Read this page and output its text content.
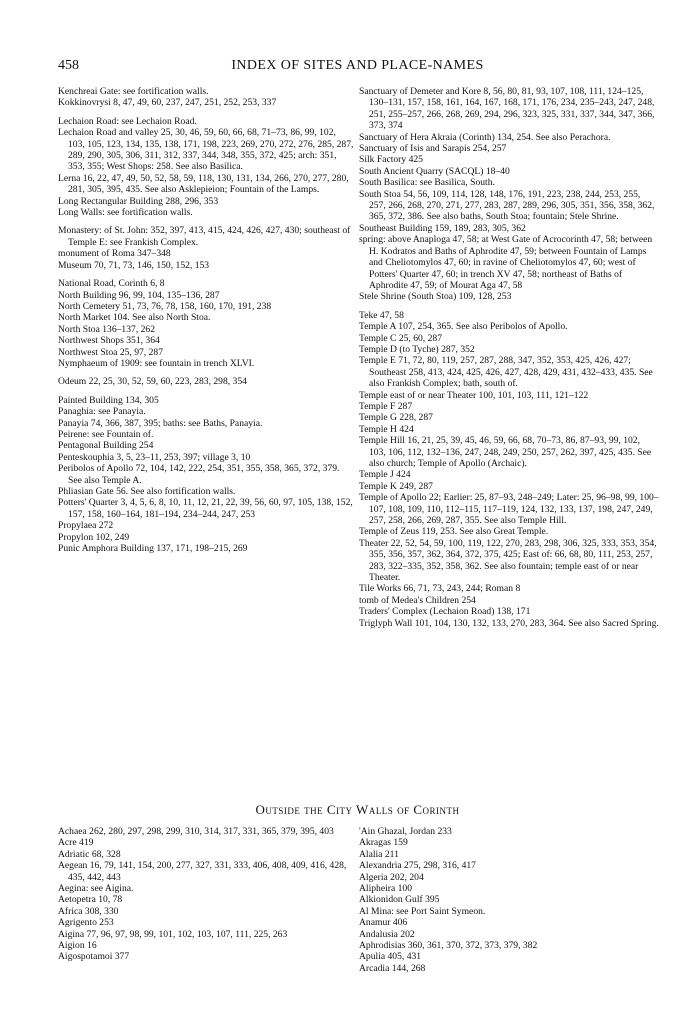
458	INDEX OF SITES AND PLACE-NAMES

Kenchreai Gate: see fortification walls.

Kokkinovrysi 8, 47, 49, 60, 237, 247, 251, 252, 253, 337

Lechaion Road: see Lechaion Road.

Lechaion Road and valley 25, 30, 46, 59, 60, 66, 68, 71–73, 86, 99, 102, 103, 105, 123, 134, 135, 138, 171, 198, 223, 269, 270, 272, 276, 285, 287, 289, 290, 305, 306, 311, 312, 337, 344, 348, 355, 372, 425; arch: 351, 353, 355; West Shops: 258. See also Basilica.

Lerna 16, 22, 47, 49, 50, 52, 58, 59, 118, 130, 131, 134, 266, 270, 277, 280, 281, 305, 395, 435. See also Asklepieion; Fountain of the Lamps.

Long Rectangular Building 288, 296, 353

Long Walls: see fortification walls.

Monastery: of St. John: 352, 397, 413, 415, 424, 426, 427, 430; southeast of Temple E: see Frankish Complex.

monument of Roma 347–348

Museum 70, 71, 73, 146, 150, 152, 153

National Road, Corinth 6, 8

North Building 96, 99, 104, 135–136, 287

North Cemetery 51, 73, 76, 78, 158, 160, 170, 191, 238

North Market 104. See also North Stoa.

North Stoa 136–137, 262

Northwest Shops 351, 364

Northwest Stoa 25, 97, 287

Nymphaeum of 1909: see fountain in trench XLVI.

Odeum 22, 25, 30, 52, 59, 60, 223, 283, 298, 354

Painted Building 134, 305

Panaghia: see Panayia.

Panayia 74, 366, 387, 395; baths: see Baths, Panayia.

Peirene: see Fountain of.

Pentagonal Building 254

Penteskouphia 3, 5, 23–11, 253, 397; village 3, 10

Peribolos of Apollo 72, 104, 142, 222, 254, 351, 355, 358, 365, 372, 379. See also Temple A.

Phliasian Gate 56. See also fortification walls.

Potters' Quarter 3, 4, 5, 6, 8, 10, 11, 12, 21, 22, 39, 56, 60, 97, 105, 138, 152, 157, 158, 160–164, 181–194, 234–244, 247, 253

Propylaea 272

Propylon 102, 249

Punic Amphora Building 137, 171, 198–215, 269

Sanctuary of Demeter and Kore 8, 56, 80, 81, 93, 107, 108, 111, 124–125, 130–131, 157, 158, 161, 164, 167, 168, 171, 176, 234, 235–243, 247, 248, 251, 255–257, 266, 268, 269, 294, 296, 323, 325, 331, 337, 344, 347, 366, 373, 374

Sanctuary of Hera Akraia (Corinth) 134, 254. See also Perachora.

Sanctuary of Isis and Sarapis 254, 257

Silk Factory 425

South Ancient Quarry (SACQL) 18–40

South Basilica: see Basilica, South.

South Stoa 54, 56, 109, 114, 128, 148, 176, 191, 223, 238, 244, 253, 255, 257, 266, 268, 270, 271, 277, 283, 287, 289, 296, 305, 351, 356, 358, 362, 365, 372, 386. See also baths, South Stoa; fountain; Stele Shrine.

Southeast Building 159, 189, 283, 305, 362

spring: above Anaploga 47, 58; at West Gate of Acrocorinth 47, 58; between H. Kodratos and Baths of Aphrodite 47, 59; between Fountain of Lamps and Cheliotomylos 47, 60; in ravine of Cheliotomylos 47, 60; west of Potters' Quarter 47, 60; in trench XV 47, 58; northeast of Baths of Aphrodite 47, 59; of Mourat Aga 47, 58

Stele Shrine (South Stoa) 109, 128, 253

Teke 47, 58

Temple A 107, 254, 365. See also Peribolos of Apollo.

Temple C 25, 60, 287

Temple D (to Tyche) 287, 352

Temple E 71, 72, 80, 119, 257, 287, 288, 347, 352, 353, 425, 426, 427; Southeast 258, 413, 424, 425, 426, 427, 428, 429, 431, 432–433, 435. See also Frankish Complex; bath, south of.

Temple east of or near Theater 100, 101, 103, 111, 121–122

Temple F 287

Temple G 228, 287

Temple H 424

Temple Hill 16, 21, 25, 39, 45, 46, 59, 66, 68, 70–73, 86, 87–93, 99, 102, 103, 106, 112, 132–136, 247, 248, 249, 250, 257, 262, 397, 425, 435. See also church; Temple of Apollo (Archaic).

Temple J 424

Temple K 249, 287

Temple of Apollo 22; Earlier: 25, 87–93, 248–249; Later: 25, 96–98, 99, 100–107, 108, 109, 110, 112–115, 117–119, 124, 132, 133, 137, 198, 247, 249, 257, 258, 266, 269, 287, 355. See also Temple Hill.

Temple of Zeus 119, 253. See also Great Temple.

Theater 22, 52, 54, 59, 100, 119, 122, 270, 283, 298, 306, 325, 333, 353, 354, 355, 356, 357, 362, 364, 372, 375, 425; East of: 66, 68, 80, 111, 253, 257, 283, 322–335, 352, 358, 362. See also fountain; temple east of or near Theater.

Tile Works 66, 71, 73, 243, 244; Roman 8

tomb of Medea's Children 254

Traders' Complex (Lechaion Road) 138, 171

Triglyph Wall 101, 104, 130, 132, 133, 270, 283, 364. See also Sacred Spring.

Outside the City Walls of Corinth

Achaea 262, 280, 297, 298, 299, 310, 314, 317, 331, 365, 379, 395, 403

Acre 419

Adriatic 68, 328

Aegean 16, 79, 141, 154, 200, 277, 327, 331, 333, 406, 408, 409, 416, 428, 435, 442, 443

Aegina: see Aigina.

Aetopetra 10, 78

Africa 308, 330

Agrigento 253

Aigina 77, 96, 97, 98, 99, 101, 102, 103, 107, 111, 225, 263

Aigion 16

Aigospotamoi 377

'Ain Ghazal, Jordan 233

Akragas 159

Alalia 211

Alexandria 275, 298, 316, 417

Algeria 202, 204

Alipheira 100

Alkionidon Gulf 395

Al Mina: see Port Saint Symeon.

Anamur 406

Andalusia 202

Aphrodisias 360, 361, 370, 372, 373, 379, 382

Apulia 405, 431

Arcadia 144, 268
